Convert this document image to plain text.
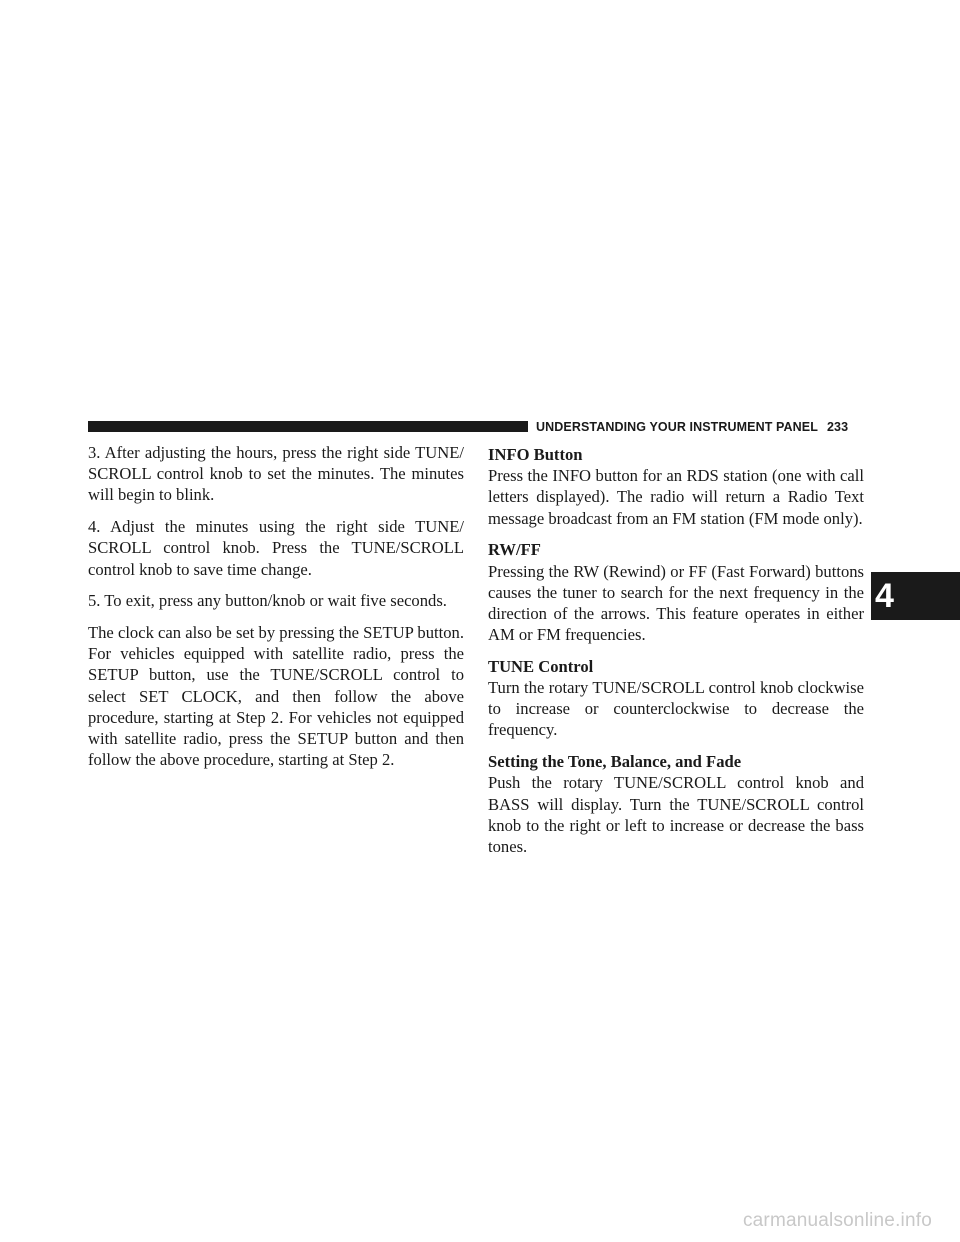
UNDERSTANDING YOUR INSTRUMENT PANEL 233

3. After adjusting the hours, press the right side TUNE/ SCROLL control knob to set the minutes. The minutes will begin to blink.

4. Adjust the minutes using the right side TUNE/ SCROLL control knob. Press the TUNE/SCROLL control knob to save time change.

5. To exit, press any button/knob or wait five seconds.

The clock can also be set by pressing the SETUP button. For vehicles equipped with satellite radio, press the SETUP button, use the TUNE/SCROLL control to select SET CLOCK, and then follow the above procedure, starting at Step 2. For vehicles not equipped with satellite radio, press the SETUP button and then follow the above procedure, starting at Step 2.

INFO Button

Press the INFO button for an RDS station (one with call letters displayed). The radio will return a Radio Text message broadcast from an FM station (FM mode only).

RW/FF

Pressing the RW (Rewind) or FF (Fast Forward) buttons causes the tuner to search for the next frequency in the direction of the arrows. This feature operates in either AM or FM frequencies.

TUNE Control

Turn the rotary TUNE/SCROLL control knob clockwise to increase or counterclockwise to decrease the frequency.

Setting the Tone, Balance, and Fade

Push the rotary TUNE/SCROLL control knob and BASS will display. Turn the TUNE/SCROLL control knob to the right or left to increase or decrease the bass tones.

4
carmanualsonline.info
